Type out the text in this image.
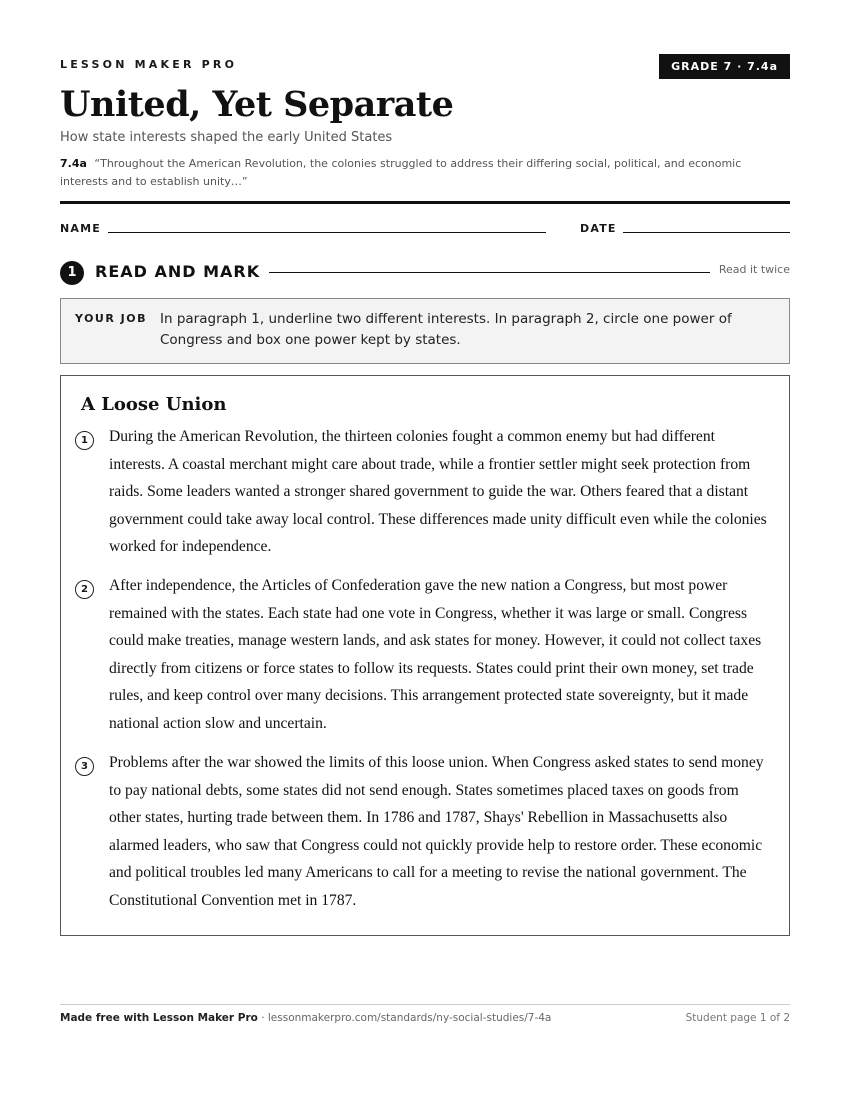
LESSON MAKER PRO	GRADE 7 · 7.4a
United, Yet Separate
How state interests shaped the early United States
7.4a “Throughout the American Revolution, the colonies struggled to address their differing social, political, and economic interests and to establish unity…”
NAME	DATE
1	READ AND MARK	Read it twice
YOUR JOB In paragraph 1, underline two different interests. In paragraph 2, circle one power of Congress and box one power kept by states.
A Loose Union
1	During the American Revolution, the thirteen colonies fought a common enemy but had different interests. A coastal merchant might care about trade, while a frontier settler might seek protection from raids. Some leaders wanted a stronger shared government to guide the war. Others feared that a distant government could take away local control. These differences made unity difficult even while the colonies worked for independence.

2	After independence, the Articles of Confederation gave the new nation a Congress, but most power remained with the states. Each state had one vote in Congress, whether it was large or small. Congress could make treaties, manage western lands, and ask states for money. However, it could not collect taxes directly from citizens or force states to follow its requests. States could print their own money, set trade rules, and keep control over many decisions. This arrangement protected state sovereignty, but it made national action slow and uncertain.

3	Problems after the war showed the limits of this loose union. When Congress asked states to send money to pay national debts, some states did not send enough. States sometimes placed taxes on goods from other states, hurting trade between them. In 1786 and 1787, Shays' Rebellion in Massachusetts also alarmed leaders, who saw that Congress could not quickly provide help to restore order. These economic and political troubles led many Americans to call for a meeting to revise the national government. The Constitutional Convention met in 1787.

Made free with Lesson Maker Pro · lessonmakerpro.com/standards/ny-social-studies/7-4a	Student page 1 of 2
